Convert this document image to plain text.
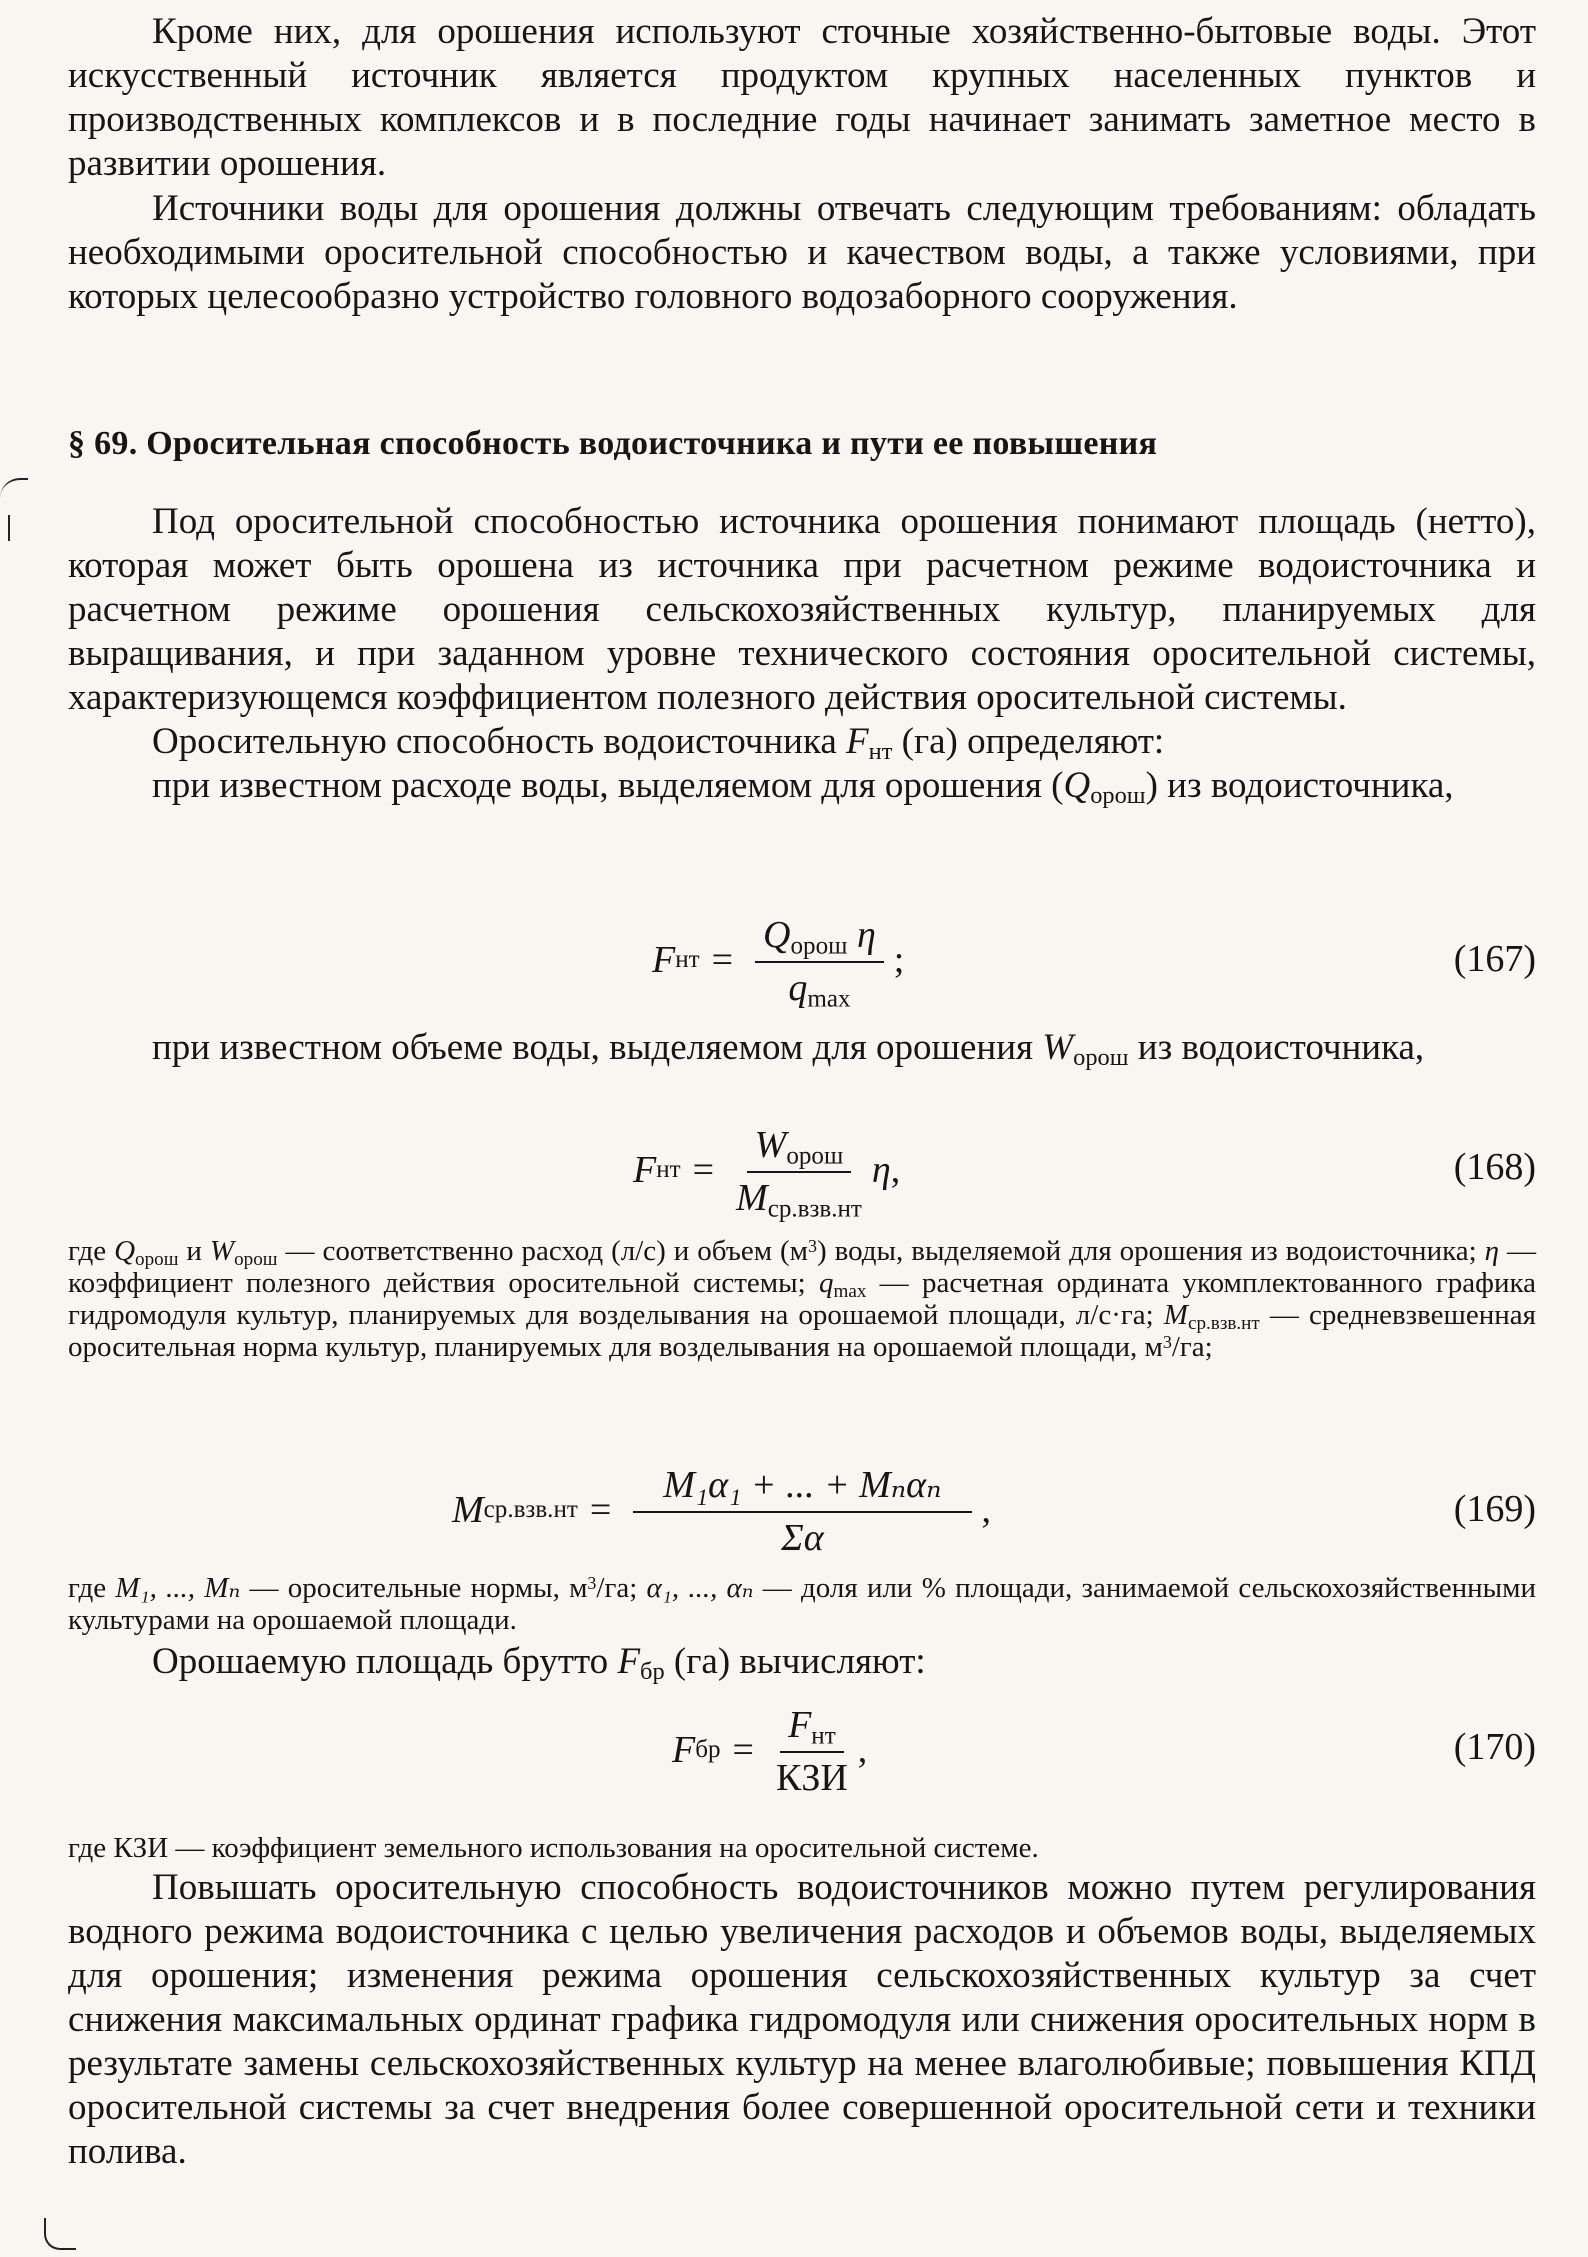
Кроме них, для орошения используют сточные хозяйственно-бытовые воды. Этот искусственный источник является продуктом крупных населенных пунктов и производственных комплексов и в последние годы начинает занимать заметное место в развитии орошения.

Источники воды для орошения должны отвечать следующим требованиям: обладать необходимыми оросительной способностью и качеством воды, а также условиями, при которых целесообразно устройство головного водозаборного сооружения.

§ 69. Оросительная способность водоисточника и пути ее повышения

Под оросительной способностью источника орошения понимают площадь (нетто), которая может быть орошена из источника при расчетном режиме водоисточника и расчетном режиме орошения сельскохозяйственных культур, планируемых для выращивания, и при заданном уровне технического состояния оросительной системы, характеризующемся коэффициентом полезного действия оросительной системы.

Оросительную способность водоисточника $F_{нт}$ (га) определяют:

при известном расходе воды, выделяемом для орошения $(Q_{орош})$ из водоисточника,

F нт = $\frac{Q_{орош} \eta}{q_{max}}$ ;	(167)

при известном объеме воды, выделяемом для орошения $W_{орош}$ из водоисточника,

F нт = $\frac{W_{орош}}{M_{ср.взв.нт}}$ η ,	(168)

где $Q_{орош}$ и $W_{орош}$ — соответственно расход (л/с) и объем $(м^3)$ воды, выделяемой для орошения из водоисточника; η — коэффициент полезного действия оросительной системы; $q_{max}$ — расчетная ордината укомплектованного графика гидромодуля культур, планируемых для возделывания на орошаемой площади, л/с·га; $M_{ср.взв.нт}$ — средневзвешенная оросительная норма культур, планируемых для возделывания на орошаемой площади, $м^3/га$;

M $ср.взв.нт = \frac{\text{M₁α₁ + ... + Mₙαₙ}}{\Sigma\alpha}$ ,	(169)

где M₁, ..., Mₙ — оросительные нормы, $м^3/га$; α₁, ..., αₙ — доля или % площади, занимаемой сельскохозяйственными культурами на орошаемой площади.

Орошаемую площадь брутто $F_{бр}$ (га) вычисляют:

F бр = $\frac{F_{нт}}{\text{КЗИ}}$ ,	(170)

где КЗИ — коэффициент земельного использования на оросительной системе.

Повышать оросительную способность водоисточников можно путем регулирования водного режима водоисточника с целью увеличения расходов и объемов воды, выделяемых для орошения; изменения режима орошения сельскохозяйственных культур за счет снижения максимальных ординат графика гидромодуля или снижения оросительных норм в результате замены сельскохозяйственных культур на менее влаголюбивые; повышения КПД оросительной системы за счет внедрения более совершенной оросительной сети и техники полива.
